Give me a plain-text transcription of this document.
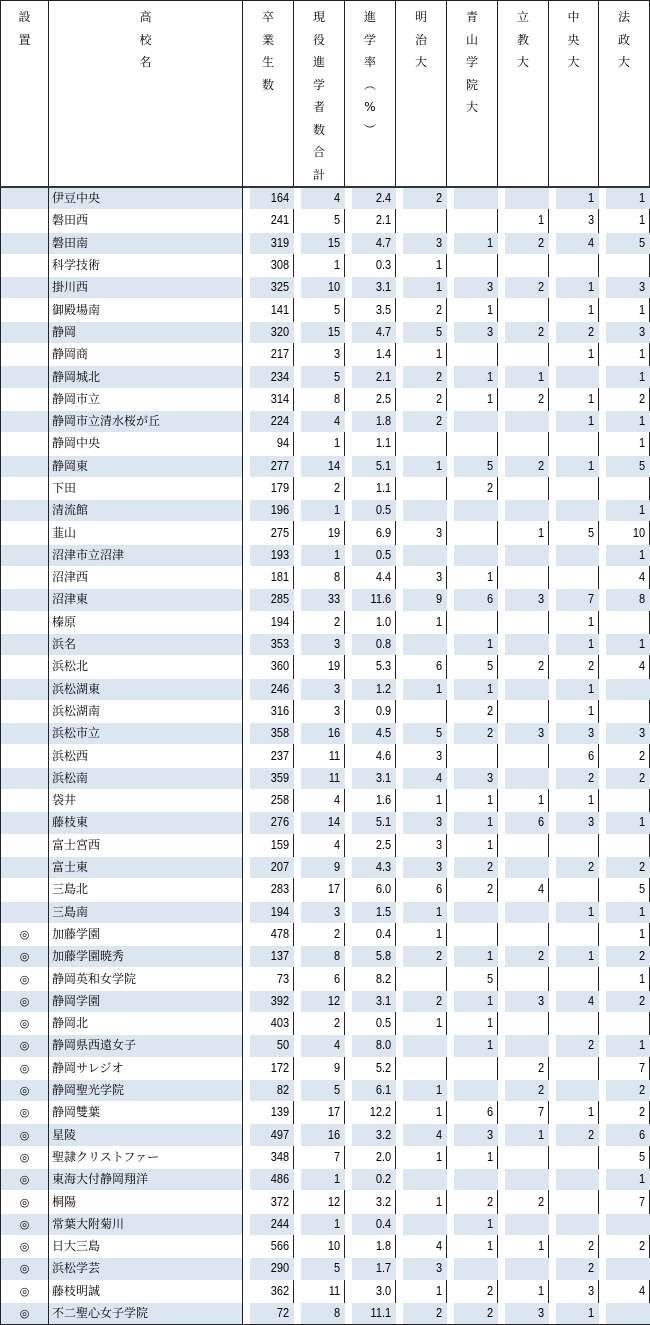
設
置

高
校
名

卒
業
生
数

現
役
進
学
者
数
合
計

進
学
率
︵
%
︶

明
治
大

青
山
学
院
大

立
教
大

中
央
大

法
政
大

	伊豆中央	164	4	2.4	2			1	1
	磐田西	241	5	2.1			1	3	1
	磐田南	319	15	4.7	3	1	2	4	5
	科学技術	308	1	0.3	1				
	掛川西	325	10	3.1	1	3	2	1	3
	御殿場南	141	5	3.5	2	1		1	1
	静岡	320	15	4.7	5	3	2	2	3
	静岡商	217	3	1.4	1			1	1
	静岡城北	234	5	2.1	2	1	1		1
	静岡市立	314	8	2.5	2	1	2	1	2
	静岡市立清水桜が丘	224	4	1.8	2			1	1
	静岡中央	94	1	1.1					1
	静岡東	277	14	5.1	1	5	2	1	5
	下田	179	2	1.1		2			
	清流館	196	1	0.5					1
	韮山	275	19	6.9	3		1	5	10
	沼津市立沼津	193	1	0.5					1
	沼津西	181	8	4.4	3	1			4
	沼津東	285	33	11.6	9	6	3	7	8
	榛原	194	2	1.0	1			1	
	浜名	353	3	0.8		1		1	1
	浜松北	360	19	5.3	6	5	2	2	4
	浜松湖東	246	3	1.2	1	1		1	
	浜松湖南	316	3	0.9		2		1	
	浜松市立	358	16	4.5	5	2	3	3	3
	浜松西	237	11	4.6	3			6	2
	浜松南	359	11	3.1	4	3		2	2
	袋井	258	4	1.6	1	1	1	1	
	藤枝東	276	14	5.1	3	1	6	3	1
	富士宮西	159	4	2.5	3	1			
	富士東	207	9	4.3	3	2		2	2
	三島北	283	17	6.0	6	2	4		5
	三島南	194	3	1.5	1			1	1
◎	加藤学園	478	2	0.4	1				1
◎	加藤学園暁秀	137	8	5.8	2	1	2	1	2
◎	静岡英和女学院	73	6	8.2		5			1
◎	静岡学園	392	12	3.1	2	1	3	4	2
◎	静岡北	403	2	0.5	1	1			
◎	静岡県西遠女子	50	4	8.0		1		2	1
◎	静岡サレジオ	172	9	5.2			2		7
◎	静岡聖光学院	82	5	6.1	1		2		2
◎	静岡雙葉	139	17	12.2	1	6	7	1	2
◎	星陵	497	16	3.2	4	3	1	2	6
◎	聖隷クリストファー	348	7	2.0	1	1			5
◎	東海大付静岡翔洋	486	1	0.2					1
◎	桐陽	372	12	3.2	1	2	2		7
◎	常葉大附菊川	244	1	0.4		1			
◎	日大三島	566	10	1.8	4	1	1	2	2
◎	浜松学芸	290	5	1.7	3			2	
◎	藤枝明誠	362	11	3.0	1	2	1	3	4
◎	不二聖心女子学院	72	8	11.1	2	2	3	1	
